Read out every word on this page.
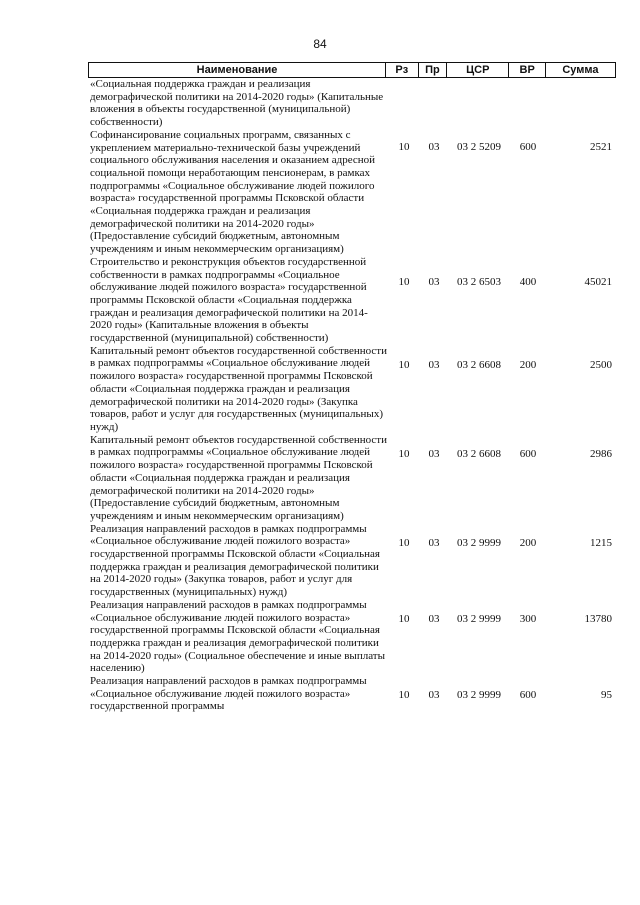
84
Наименование	Рз	Пр	ЦСР	ВР	Сумма
«Социальная поддержка граждан и реализация демографической политики на 2014-2020 годы» (Капитальные вложения в объекты государственной (муниципальной) собственности)
Софинансирование социальных программ, связанных с укреплением материально-технической базы учреждений социального обслуживания населения и оказанием адресной социальной помощи неработающим пенсионерам, в рамках подпрограммы «Социальное обслуживание людей пожилого возраста» государственной программы Псковской области «Социальная поддержка граждан и реализация демографической политики на 2014-2020 годы» (Предоставление субсидий бюджетным, автономным учреждениям и иным некоммерческим организациям)
10	03	03 2 5209	600	2521
Строительство и реконструкция объектов государственной собственности в рамках подпрограммы «Социальное обслуживание людей пожилого возраста» государственной программы Псковской области «Социальная поддержка граждан и реализация демографической политики на 2014-2020 годы» (Капитальные вложения в объекты государственной (муниципальной) собственности)
10	03	03 2 6503	400	45021
Капитальный ремонт объектов государственной собственности в рамках подпрограммы «Социальное обслуживание людей пожилого возраста» государственной программы Псковской области «Социальная поддержка граждан и реализация демографической политики на 2014-2020 годы» (Закупка товаров, работ и услуг для государственных (муниципальных) нужд)
10	03	03 2 6608	200	2500
Капитальный ремонт объектов государственной собственности в рамках подпрограммы «Социальное обслуживание людей пожилого возраста» государственной программы Псковской области «Социальная поддержка граждан и реализация демографической политики на 2014-2020 годы» (Предоставление субсидий бюджетным, автономным учреждениям и иным некоммерческим организациям)
10	03	03 2 6608	600	2986
Реализация направлений расходов в рамках подпрограммы «Социальное обслуживание людей пожилого возраста» государственной программы Псковской области «Социальная поддержка граждан и реализация демографической политики на 2014-2020 годы» (Закупка товаров, работ и услуг для государственных (муниципальных) нужд)
10	03	03 2 9999	200	1215
Реализация направлений расходов в рамках подпрограммы «Социальное обслуживание людей пожилого возраста» государственной программы Псковской области «Социальная поддержка граждан и реализация демографической политики на 2014-2020 годы» (Социальное обеспечение и иные выплаты населению)
10	03	03 2 9999	300	13780
Реализация направлений расходов в рамках подпрограммы «Социальное обслуживание людей пожилого возраста» государственной программы
10	03	03 2 9999	600	95
